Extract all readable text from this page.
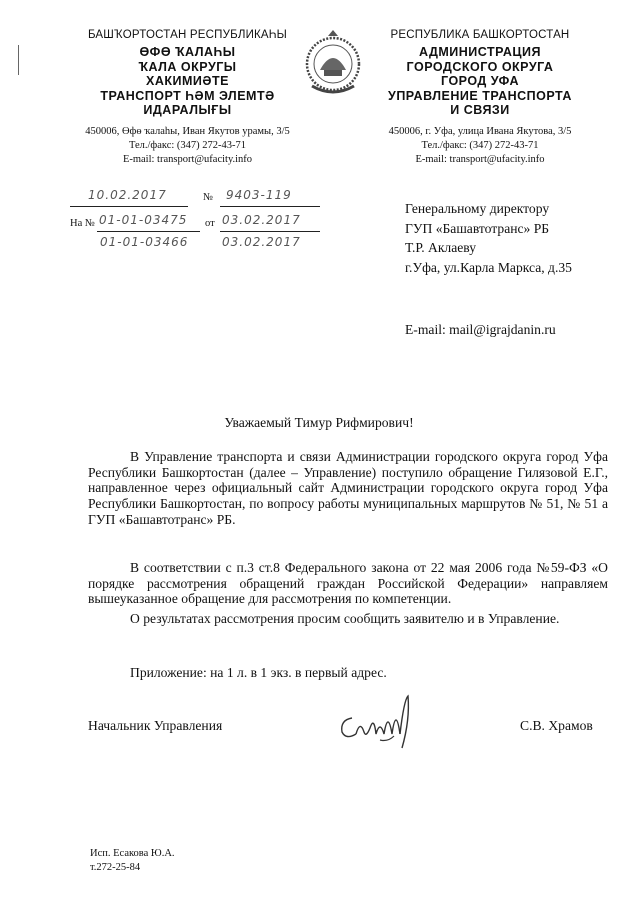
БАШҠОРТОСТАН РЕСПУБЛИКАҺЫ
ӨФӨ ҠАЛАҺЫ
ҠАЛА ОКРУГЫ
ХАКИМИӘТЕ
ТРАНСПОРТ ҺӘМ ЭЛЕМТӘ
ИДАРАЛЫҒЫ
450006, Өфө ҡалаһы, Иван Якутов урамы, 3/5
Тел./факс: (347) 272-43-71
E-mail: transport@ufacity.info
РЕСПУБЛИКА БАШКОРТОСТАН
АДМИНИСТРАЦИЯ
ГОРОДСКОГО ОКРУГА
ГОРОД УФА
УПРАВЛЕНИЕ ТРАНСПОРТА
И СВЯЗИ
450006, г. Уфа, улица Ивана Якутова, 3/5
Тел./факс: (347) 272-43-71
E-mail: transport@ufacity.info
10.02.2017	№ 9403-119
На № 01-01-03475 от 03.02.2017
01-01-03466	03.02.2017
Генеральному директору
ГУП «Башавтотранс» РБ
Т.Р. Аклаеву
г.Уфа, ул.Карла Маркса, д.35
E-mail: mail@igrajdanin.ru
Уважаемый Тимур Рифмирович!
В Управление транспорта и связи Администрации городского округа город Уфа Республики Башкортостан (далее – Управление) поступило обращение Гилязовой Е.Г., направленное через официальный сайт Администрации городского округа город Уфа Республики Башкортостан, по вопросу работы муниципальных маршрутов № 51, № 51 а ГУП «Башавтотранс» РБ.
В соответствии с п.3 ст.8 Федерального закона от 22 мая 2006 года №59-ФЗ «О порядке рассмотрения обращений граждан Российской Федерации» направляем вышеуказанное обращение для рассмотрения по компетенции.
О результатах рассмотрения просим сообщить заявителю и в Управление.
Приложение: на 1 л. в 1 экз. в первый адрес.
Начальник Управления	С.В. Храмов
Исп. Есакова Ю.А.
т.272-25-84
